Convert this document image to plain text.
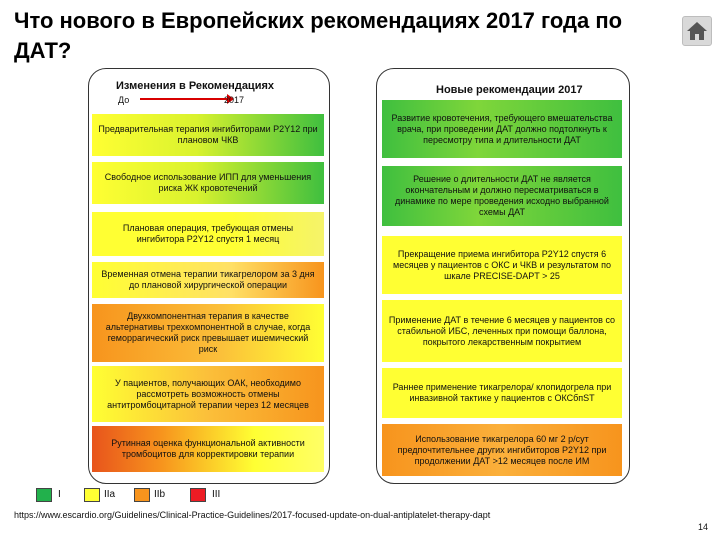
Что нового в Европейских рекомендациях 2017 года по ДАТ?
Изменения в Рекомендациях
До	2017
Предварительная терапия ингибиторами P2Y12 при плановом ЧКВ
Свободное использование ИПП для уменьшения риска ЖК кровотечений
Плановая операция, требующая отмены ингибитора P2Y12 спустя 1 месяц
Временная отмена терапии тикагрелором за 3 дня до плановой хирургической операции
Двухкомпонентная терапия в качестве альтернативы трехкомпонентной в случае, когда геморрагический риск превышает ишемический риск
У пациентов, получающих ОАК, необходимо рассмотреть возможность отмены антитромбоцитарной терапии через 12 месяцев
Рутинная оценка функциональной активности тромбоцитов для корректировки терапии
Новые рекомендации 2017
Развитие кровотечения, требующего вмешательства врача, при проведении ДАТ должно подтолкнуть к пересмотру типа и длительности ДАТ
Решение о длительности ДАТ не является окончательным и должно пересматриваться в динамике по мере проведения исходно выбранной схемы ДАТ
Прекращение приема ингибитора P2Y12 спустя 6 месяцев у пациентов с ОКС и ЧКВ и результатом по шкале PRECISE-DAPT > 25
Применение ДАТ в течение 6 месяцев у пациентов со стабильной ИБС, леченных при помощи баллона, покрытого лекарственным покрытием
Раннее применение тикагрелора/ клопидогрела при инвазивной тактике у пациентов с ОКСбпST
Использование тикагрелора 60 мг 2 р/сут предпочтительнее других ингибиторов P2Y12 при продолжении ДАТ >12 месяцев после ИМ
I	IIa	IIb	III
https://www.escardio.org/Guidelines/Clinical-Practice-Guidelines/2017-focused-update-on-dual-antiplatelet-therapy-dapt
14
